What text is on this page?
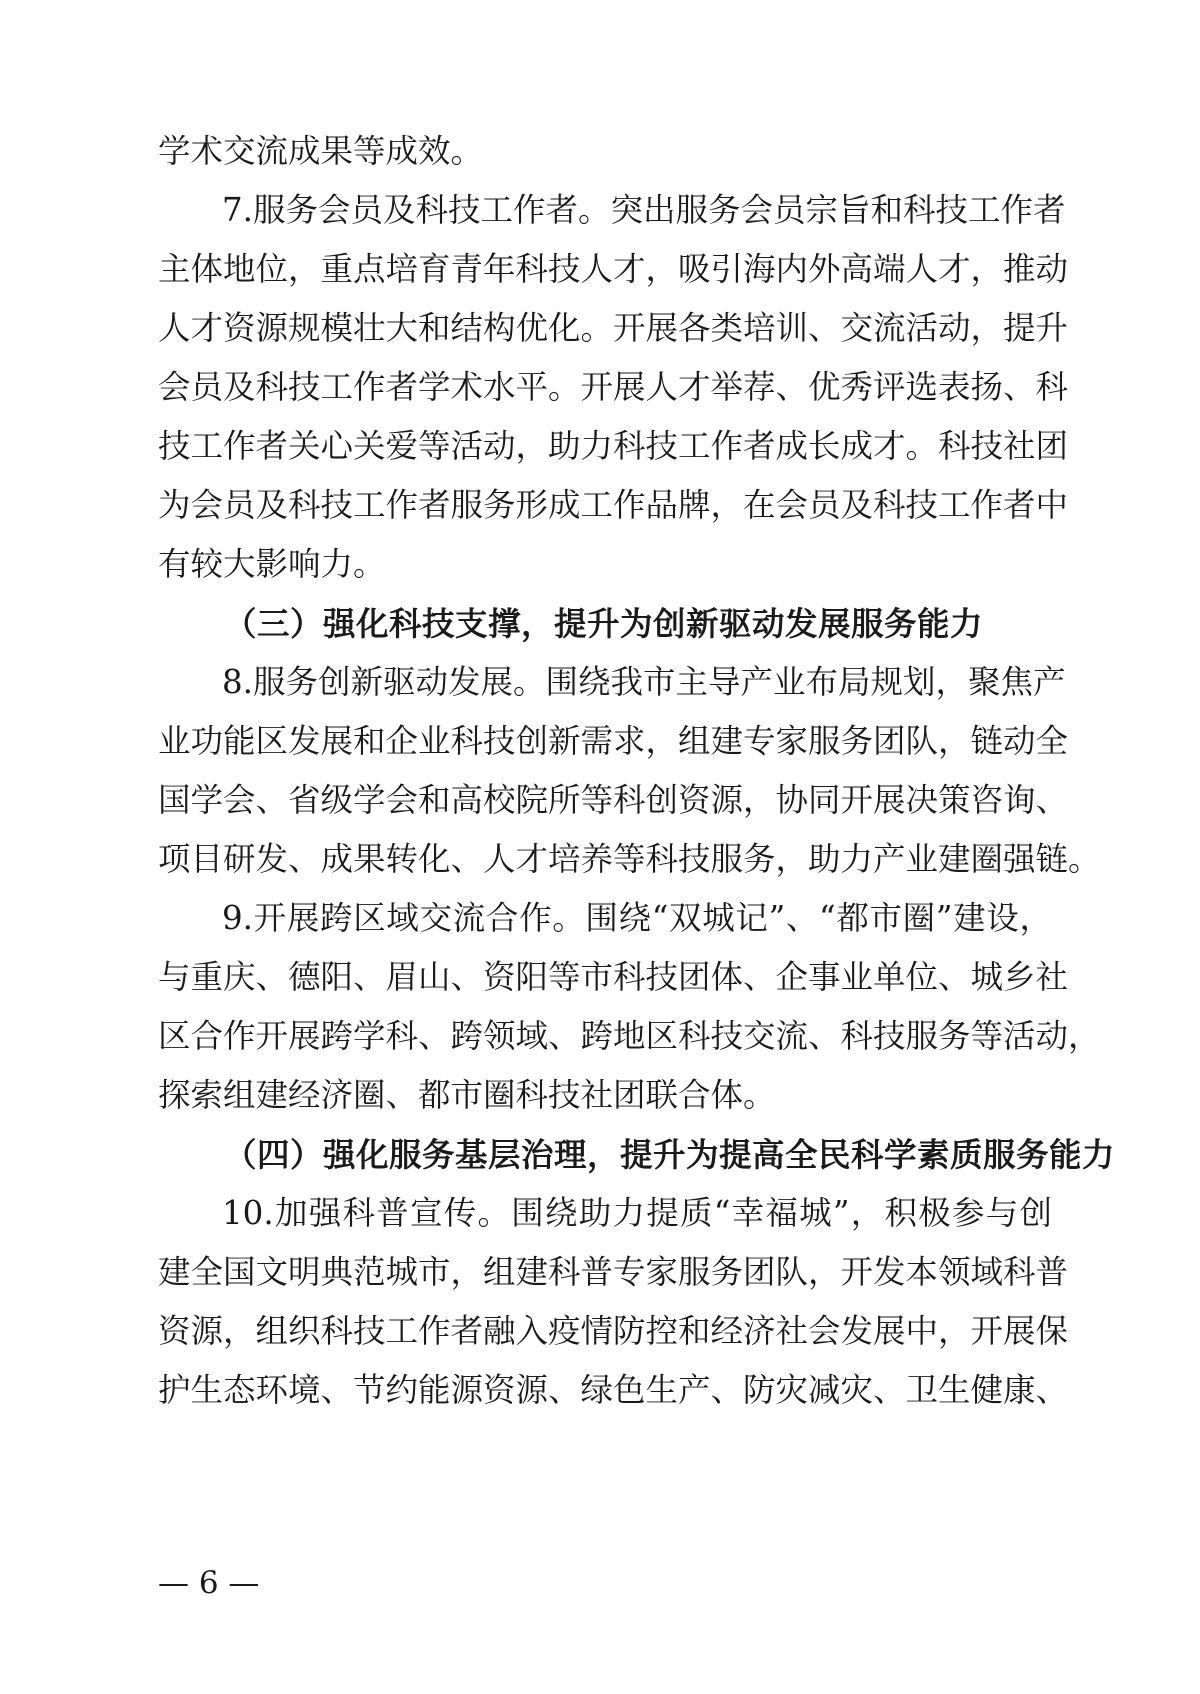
学术交流成果等成效。
7.服务会员及科技工作者。突出服务会员宗旨和科技工作者
主体地位，重点培育青年科技人才，吸引海内外高端人才，推动
人才资源规模壮大和结构优化。开展各类培训、交流活动，提升
会员及科技工作者学术水平。开展人才举荐、优秀评选表扬、科
技工作者关心关爱等活动，助力科技工作者成长成才。科技社团
为会员及科技工作者服务形成工作品牌，在会员及科技工作者中
有较大影响力。
（三）强化科技支撑，提升为创新驱动发展服务能力
8.服务创新驱动发展。围绕我市主导产业布局规划，聚焦产
业功能区发展和企业科技创新需求，组建专家服务团队，链动全
国学会、省级学会和高校院所等科创资源，协同开展决策咨询、
项目研发、成果转化、人才培养等科技服务，助力产业建圈强链。
9.开展跨区域交流合作。围绕“双城记”、“都市圈”建设，
与重庆、德阳、眉山、资阳等市科技团体、企事业单位、城乡社
区合作开展跨学科、跨领域、跨地区科技交流、科技服务等活动，
探索组建经济圈、都市圈科技社团联合体。
（四）强化服务基层治理，提升为提高全民科学素质服务能力
10.加强科普宣传。围绕助力提质“幸福城”，积极参与创
建全国文明典范城市，组建科普专家服务团队，开发本领域科普
资源，组织科技工作者融入疫情防控和经济社会发展中，开展保
护生态环境、节约能源资源、绿色生产、防灾减灾、卫生健康、
— 6 —
